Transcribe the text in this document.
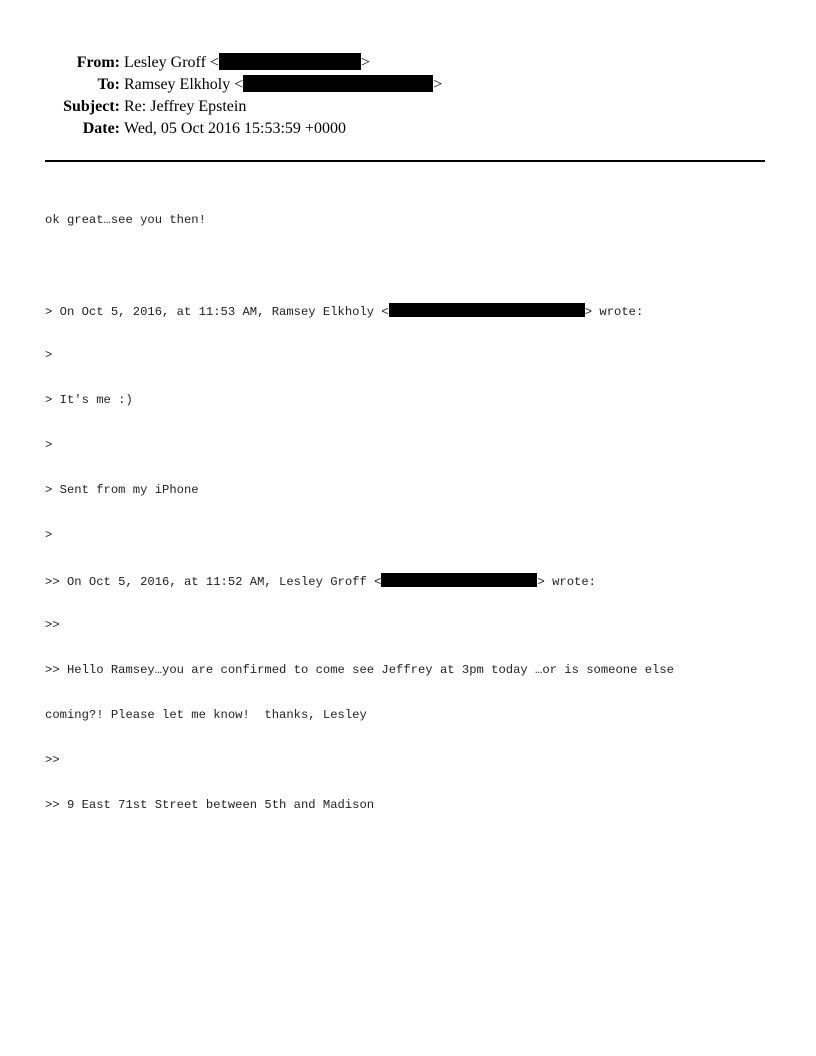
From: Lesley Groff <	>
To: Ramsey Elkholy <	>
Subject: Re: Jeffrey Epstein
Date: Wed, 05 Oct 2016 15:53:59 +0000

ok great…see you then!

> On Oct 5, 2016, at 11:53 AM, Ramsey Elkholy <	> wrote:

>

> It's me :)

>

> Sent from my iPhone

>

>> On Oct 5, 2016, at 11:52 AM, Lesley Groff <	> wrote:

>>

>> Hello Ramsey…you are confirmed to come see Jeffrey at 3pm today …or is someone else

coming?! Please let me know!  thanks, Lesley

>>

>> 9 East 71st Street between 5th and Madison
